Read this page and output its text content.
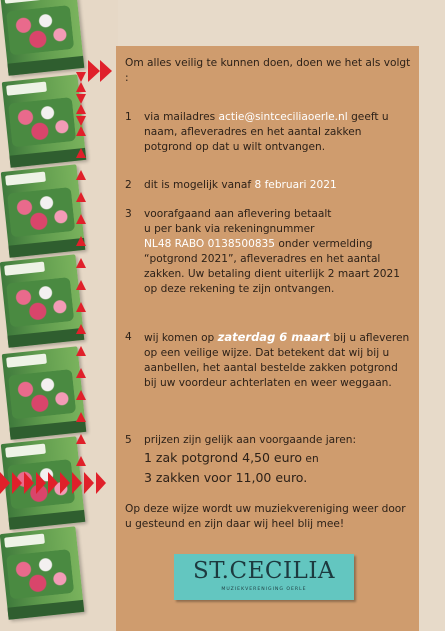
Om alles veilig te kunnen doen, doen we het als volgt :
1	via mailadres actie@sintceciliaoerle.nl geeft u naam, afleveradres en het aantal zakken potgrond op dat u wilt ontvangen.
2	dit is mogelijk vanaf 8 februari 2021
3	voorafgaand aan aflevering betaalt
u per bank via rekeningnummer
NL48 RABO 0138500835 onder vermelding “potgrond 2021”, afleveradres en het aantal zakken. Uw betaling dient uiterlijk 2 maart 2021 op deze rekening te zijn ontvangen.
4	wij komen op zaterdag 6 maart bij u afleveren op een veilige wijze. Dat betekent dat wij bij u aanbellen, het aantal bestelde zakken potgrond bij uw voordeur achterlaten en weer weggaan.
5	prijzen zijn gelijk aan voorgaande jaren:
1 zak potgrond 4,50 euro en
3 zakken voor 11,00 euro.
Op deze wijze wordt uw muziekvereniging weer door u gesteund en zijn daar wij heel blij mee!
ST.CECILIA
MUZIEKVERENIGING OERLE
